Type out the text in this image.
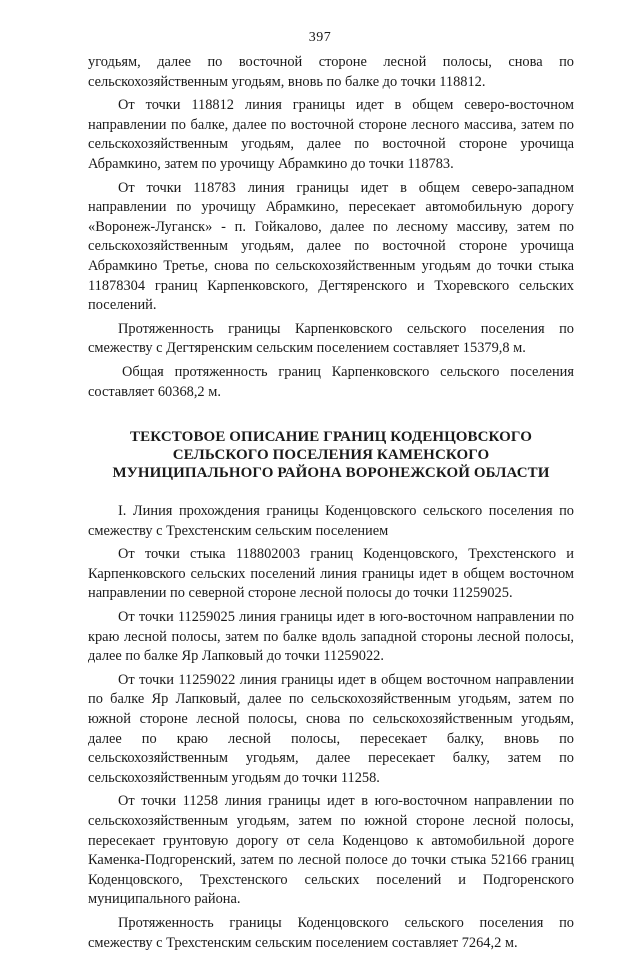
397

угодьям, далее по восточной стороне лесной полосы, снова по сельскохозяйственным угодьям, вновь по балке до точки 118812.

От точки 118812 линия границы идет в общем северо-восточном направлении по балке, далее по восточной стороне лесного массива, затем по сельскохозяйственным угодьям, далее по восточной стороне урочища Абрамкино, затем по урочищу Абрамкино до точки 118783.

От точки 118783 линия границы идет в общем северо-западном направлении по урочищу Абрамкино, пересекает автомобильную дорогу «Воронеж-Луганск» - п. Гойкалово, далее по лесному массиву, затем по сельскохозяйственным угодьям, далее по восточной стороне урочища Абрамкино Третье, снова по сельскохозяйственным угодьям до точки стыка 11878304 границ Карпенковского, Дегтяренского и Тхоревского сельских поселений.

Протяженность границы Карпенковского сельского поселения по смежеству с Дегтяренским сельским поселением составляет 15379,8 м.

Общая протяженность границ Карпенковского сельского поселения составляет 60368,2 м.

ТЕКСТОВОЕ ОПИСАНИЕ ГРАНИЦ КОДЕНЦОВСКОГО
СЕЛЬСКОГО ПОСЕЛЕНИЯ КАМЕНСКОГО
МУНИЦИПАЛЬНОГО РАЙОНА ВОРОНЕЖСКОЙ ОБЛАСТИ

I. Линия прохождения границы Коденцовского сельского поселения по смежеству с Трехстенским сельским поселением

От точки стыка 118802003 границ Коденцовского, Трехстенского и Карпенковского сельских поселений линия границы идет в общем восточном направлении по северной стороне лесной полосы до точки 11259025.

От точки 11259025 линия границы идет в юго-восточном направлении по краю лесной полосы, затем по балке вдоль западной стороны лесной полосы, далее по балке Яр Лапковый до точки 11259022.

От точки 11259022 линия границы идет в общем восточном направлении по балке Яр Лапковый, далее по сельскохозяйственным угодьям, затем по южной стороне лесной полосы, снова по сельскохозяйственным угодьям, далее по краю лесной полосы, пересекает балку, вновь по сельскохозяйственным угодьям, далее пересекает балку, затем по сельскохозяйственным угодьям до точки 11258.

От точки 11258 линия границы идет в юго-восточном направлении по сельскохозяйственным угодьям, затем по южной стороне лесной полосы, пересекает грунтовую дорогу от села Коденцово к автомобильной дороге Каменка-Подгоренский, затем по лесной полосе до точки стыка 52166 границ Коденцовского, Трехстенского сельских поселений и Подгоренского муниципального района.

Протяженность границы Коденцовского сельского поселения по смежеству с Трехстенским сельским поселением составляет 7264,2 м.
